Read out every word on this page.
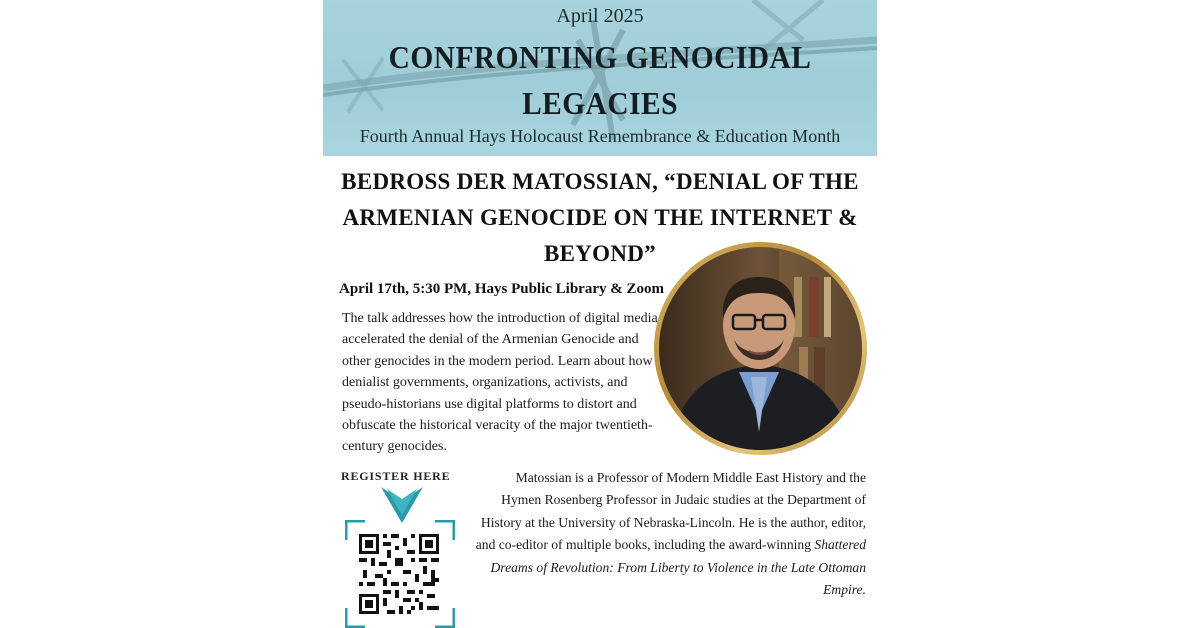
April 2025
CONFRONTING GENOCIDAL LEGACIES
Fourth Annual Hays Holocaust Remembrance & Education Month
BEDROSS DER MATOSSIAN, “DENIAL OF THE ARMENIAN GENOCIDE ON THE INTERNET & BEYOND”
April 17th, 5:30 PM, Hays Public Library & Zoom
The talk addresses how the introduction of digital media accelerated the denial of the Armenian Genocide and other genocides in the modern period. Learn about how denialist governments, organizations, activists, and pseudo-historians use digital platforms to distort and obfuscate the historical veracity of the major twentieth-century genocides.
REGISTER HERE	Matossian is a Professor of Modern Middle East History and the Hymen Rosenberg Professor in Judaic studies at the Department of History at the University of Nebraska-Lincoln. He is the author, editor, and co-editor of multiple books, including the award-winning Shattered Dreams of Revolution: From Liberty to Violence in the Late Ottoman Empire.
